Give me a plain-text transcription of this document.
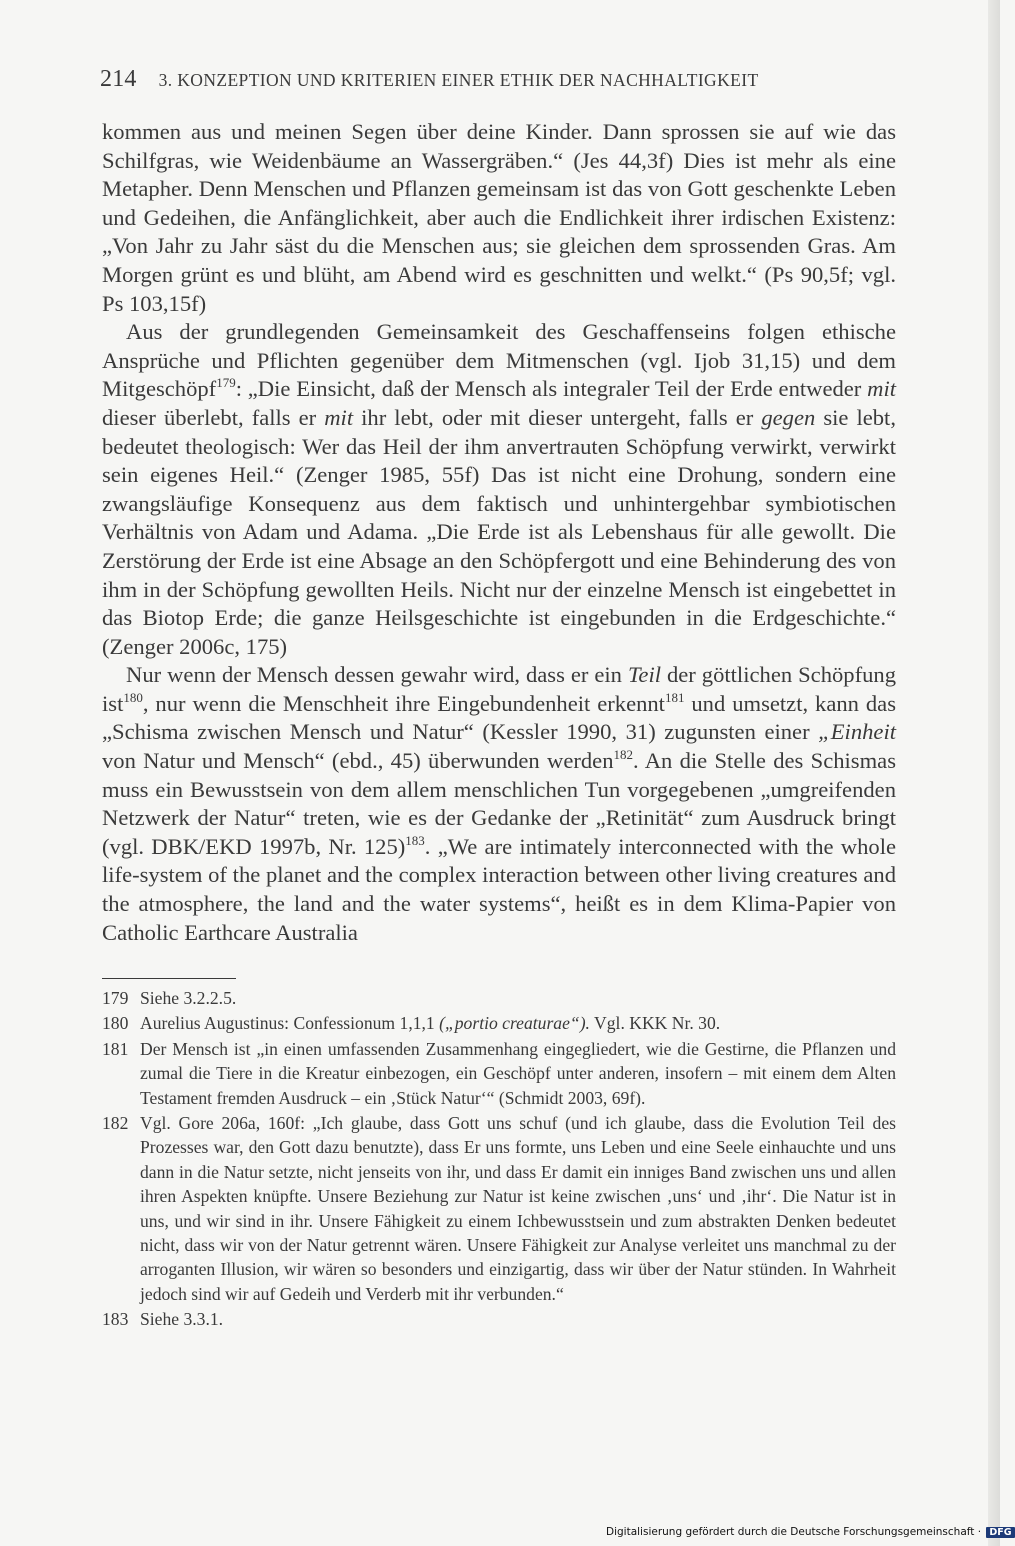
214 3. KONZEPTION UND KRITERIEN EINER ETHIK DER NACHHALTIGKEIT

kommen aus und meinen Segen über deine Kinder. Dann sprossen sie auf wie das Schilfgras, wie Weidenbäume an Wassergräben.“ (Jes 44,3f) Dies ist mehr als eine Metapher. Denn Menschen und Pflanzen gemeinsam ist das von Gott geschenkte Leben und Gedeihen, die Anfänglichkeit, aber auch die Endlichkeit ihrer irdischen Existenz: „Von Jahr zu Jahr säst du die Menschen aus; sie gleichen dem sprossenden Gras. Am Morgen grünt es und blüht, am Abend wird es geschnitten und welkt.“ (Ps 90,5f; vgl. Ps 103,15f)

Aus der grundlegenden Gemeinsamkeit des Geschaffenseins folgen ethische Ansprüche und Pflichten gegenüber dem Mitmenschen (vgl. Ijob 31,15) und dem Mitgeschöpf$^{179}$: „Die Einsicht, daß der Mensch als integraler Teil der Erde entweder mit dieser überlebt, falls er mit ihr lebt, oder mit dieser untergeht, falls er gegen sie lebt, bedeutet theologisch: Wer das Heil der ihm anvertrauten Schöpfung verwirkt, verwirkt sein eigenes Heil.“ (Zenger 1985, 55f) Das ist nicht eine Drohung, sondern eine zwangsläufige Konsequenz aus dem faktisch und unhintergehbar symbiotischen Verhältnis von Adam und Adama. „Die Erde ist als Lebenshaus für alle gewollt. Die Zerstörung der Erde ist eine Absage an den Schöpfergott und eine Behinderung des von ihm in der Schöpfung gewollten Heils. Nicht nur der einzelne Mensch ist eingebettet in das Biotop Erde; die ganze Heilsgeschichte ist eingebunden in die Erdgeschichte.“ (Zenger 2006c, 175)

Nur wenn der Mensch dessen gewahr wird, dass er ein Teil der göttlichen Schöpfung ist$^{180}$, nur wenn die Menschheit ihre Eingebundenheit erkennt$^{181}$ und umsetzt, kann das „Schisma zwischen Mensch und Natur“ (Kessler 1990, 31) zugunsten einer „Einheit von Natur und Mensch“ (ebd., 45) überwunden werden$^{182}$. An die Stelle des Schismas muss ein Bewusstsein von dem allem menschlichen Tun vorgegebenen „umgreifenden Netzwerk der Natur“ treten, wie es der Gedanke der „Retinität“ zum Ausdruck bringt (vgl. DBK/EKD 1997b, Nr. 125)$^{183}$. „We are intimately interconnected with the whole life-system of the planet and the complex interaction between other living creatures and the atmosphere, the land and the water systems“, heißt es in dem Klima-Papier von Catholic Earthcare Australia

179 Siehe 3.2.2.5.
180 Aurelius Augustinus: Confessionum 1,1,1 („portio creaturae“). Vgl. KKK Nr. 30.
181 Der Mensch ist „in einen umfassenden Zusammenhang eingegliedert, wie die Gestirne, die Pflanzen und zumal die Tiere in die Kreatur einbezogen, ein Geschöpf unter anderen, insofern – mit einem dem Alten Testament fremden Ausdruck – ein ‚Stück Natur‘“ (Schmidt 2003, 69f).
182 Vgl. Gore 206a, 160f: „Ich glaube, dass Gott uns schuf (und ich glaube, dass die Evolution Teil des Prozesses war, den Gott dazu benutzte), dass Er uns formte, uns Leben und eine Seele einhauchte und uns dann in die Natur setzte, nicht jenseits von ihr, und dass Er damit ein inniges Band zwischen uns und allen ihren Aspekten knüpfte. Unsere Beziehung zur Natur ist keine zwischen ‚uns‘ und ‚ihr‘. Die Natur ist in uns, und wir sind in ihr. Unsere Fähigkeit zu einem Ichbewusstsein und zum abstrakten Denken bedeutet nicht, dass wir von der Natur getrennt wären. Unsere Fähigkeit zur Analyse verleitet uns manchmal zu der arroganten Illusion, wir wären so besonders und einzigartig, dass wir über der Natur stünden. In Wahrheit jedoch sind wir auf Gedeih und Verderb mit ihr verbunden.“
183 Siehe 3.3.1.
Digitalisierung gefördert durch die Deutsche Forschungsgemeinschaft · DFG
